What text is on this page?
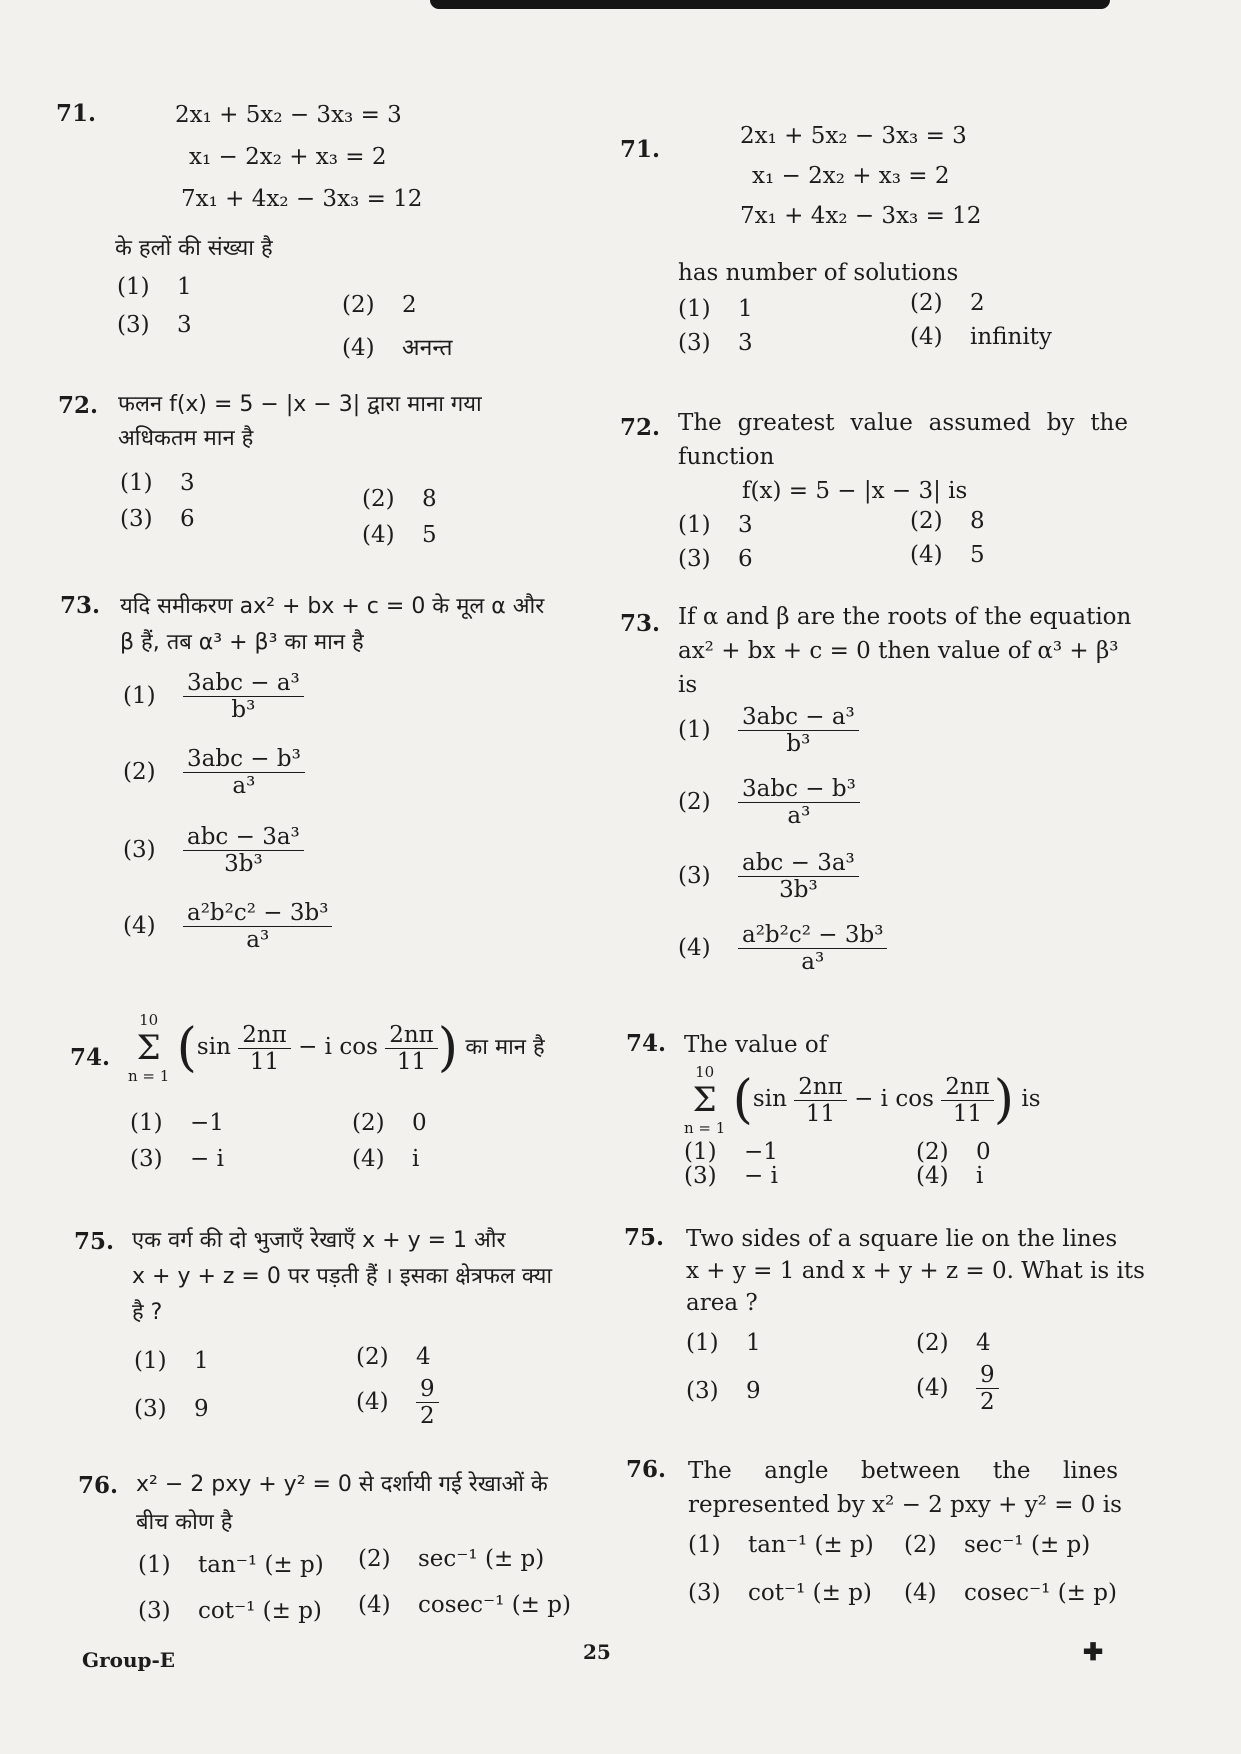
71.	2x₁ + 5x₂ − 3x₃ = 3
x₁ − 2x₂ + x₃ = 2
7x₁ + 4x₂ − 3x₃ = 12
के हलों की संख्या है
(1) 1
(2) 2
(3) 3
(4) अनन्त
72. फलन f(x) = 5 − |x − 3| द्वारा माना गया अधिकतम मान है
(1) 3
(2) 8
(3) 6
(4) 5
73. यदि समीकरण ax² + bx + c = 0 के मूल α और
β हैं, तब α³ + β³ का मान है
$(1) \frac{\text{3abc − a³}}{\text{b³}}$
$(2) \frac{\text{3abc − b³}}{\text{a³}}$
$(3) \frac{\text{abc − 3a³}}{\text{3b³}}$
$(4) \frac{\text{a²b²c² − 3b³}}{\text{a³}}$
74.
10
Σ
n = 1 ($\sin \frac{2n\pi}{11} - i$ $\cos \frac{2n\pi}{11}$ ) का मान है
(1) −1	(2) 0
(3) − i	(4) i
75. एक वर्ग की दो भुजाएँ रेखाएँ x + y = 1 और
x + y + z = 0 पर पड़ती हैं । इसका क्षेत्रफल क्या
है ?
(1) 1	(2) 4
(3) 9	$(4) \frac{9}{2}$
76. x² − 2 pxy + y² = 0 से दर्शायी गई रेखाओं के
बीच कोण है
(1) tan⁻¹ (± p) (2) sec⁻¹ (± p)
(3) cot⁻¹ (± p) (4) cosec⁻¹ (± p)
71.	2x₁ + 5x₂ − 3x₃ = 3
x₁ − 2x₂ + x₃ = 2
7x₁ + 4x₂ − 3x₃ = 12
has number of solutions
(1) 1	(2) 2
(3) 3	(4) infinity
72. The greatest value assumed by the function
f(x) = 5 − |x − 3| is
(1) 3	(2) 8
(3) 6	(4) 5
73. If α and β are the roots of the equation
ax² + bx + c = 0 then value of α³ + β³
is
$(1) \frac{\text{3abc − a³}}{\text{b³}}$
$(2) \frac{\text{3abc − b³}}{\text{a³}}$
$(3) \frac{\text{abc − 3a³}}{\text{3b³}}$
$(4) \frac{\text{a²b²c² − 3b³}}{\text{a³}}$
74. The value of
10
Σ
n = 1 ($\sin \frac{2n\pi}{11} - i$ $\cos \frac{2n\pi}{11}$ ) is
(1) −1	(2) 0
(3) − i	(4) i
75. Two sides of a square lie on the lines
x + y = 1 and x + y + z = 0. What is its
area ?
(1) 1	(2) 4
(3) 9	$(4) \frac{9}{2}$
76. The angle between the lines
represented by x² − 2 pxy + y² = 0 is
(1) tan⁻¹ (± p) (2) sec⁻¹ (± p)
(3) cot⁻¹ (± p) (4) cosec⁻¹ (± p)
Group-E	25	✚
